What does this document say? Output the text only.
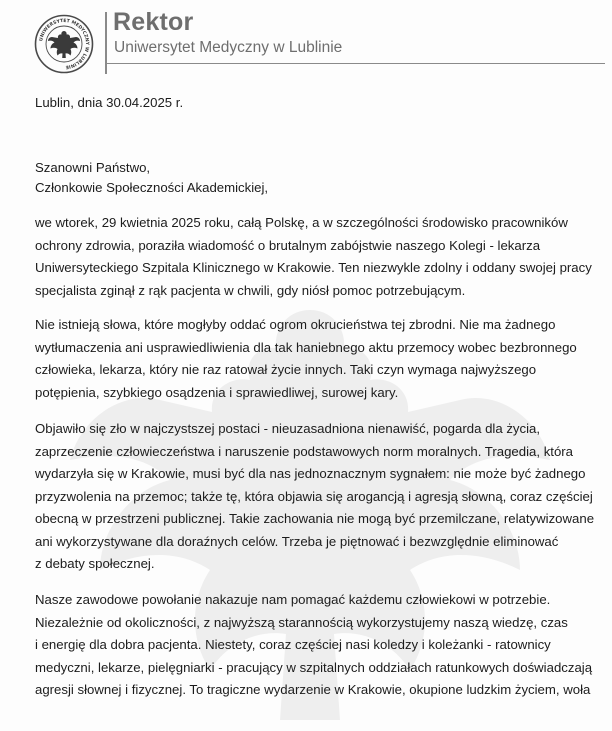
UNIWERSYTET MEDYCZNY W LUBLINIE
Rektor
Uniwersytet Medyczny w Lublinie
Lublin, dnia 30.04.2025 r.
Szanowni Państwo,
Członkowie Społeczności Akademickiej,
we wtorek, 29 kwietnia 2025 roku, całą Polskę, a w szczególności środowisko pracowników
ochrony zdrowia, poraziła wiadomość o brutalnym zabójstwie naszego Kolegi - lekarza
Uniwersyteckiego Szpitala Klinicznego w Krakowie. Ten niezwykle zdolny i oddany swojej pracy
specjalista zginął z rąk pacjenta w chwili, gdy niósł pomoc potrzebującym.
Nie istnieją słowa, które mogłyby oddać ogrom okrucieństwa tej zbrodni. Nie ma żadnego
wytłumaczenia ani usprawiedliwienia dla tak haniebnego aktu przemocy wobec bezbronnego
człowieka, lekarza, który nie raz ratował życie innych. Taki czyn wymaga najwyższego
potępienia, szybkiego osądzenia i sprawiedliwej, surowej kary.
Objawiło się zło w najczystszej postaci - nieuzasadniona nienawiść, pogarda dla życia,
zaprzeczenie człowieczeństwa i naruszenie podstawowych norm moralnych. Tragedia, która
wydarzyła się w Krakowie, musi być dla nas jednoznacznym sygnałem: nie może być żadnego
przyzwolenia na przemoc; także tę, która objawia się arogancją i agresją słowną, coraz częściej
obecną w przestrzeni publicznej. Takie zachowania nie mogą być przemilczane, relatywizowane
ani wykorzystywane dla doraźnych celów. Trzeba je piętnować i bezwzględnie eliminować
z debaty społecznej.
Nasze zawodowe powołanie nakazuje nam pomagać każdemu człowiekowi w potrzebie.
Niezależnie od okoliczności, z najwyższą starannością wykorzystujemy naszą wiedzę, czas
i energię dla dobra pacjenta. Niestety, coraz częściej nasi koledzy i koleżanki - ratownicy
medyczni, lekarze, pielęgniarki - pracujący w szpitalnych oddziałach ratunkowych doświadczają
agresji słownej i fizycznej. To tragiczne wydarzenie w Krakowie, okupione ludzkim życiem, woła
